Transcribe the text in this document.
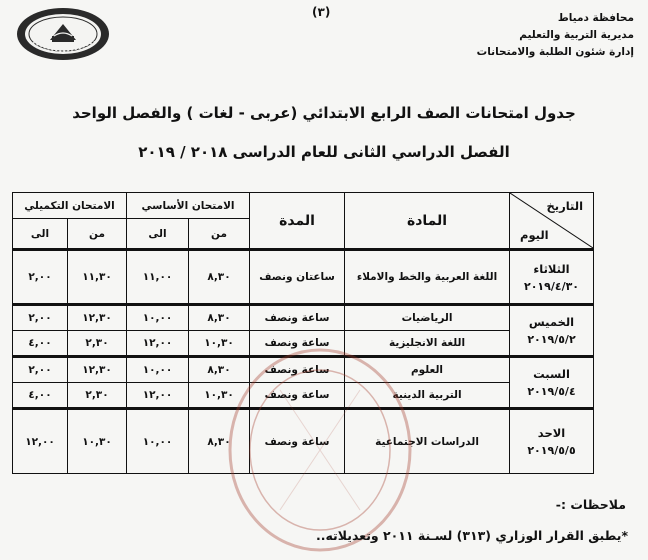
(٣)	محافظة دمياط
مديرية التربية والتعليم
إدارة شئون الطلبة والامتحانات
جدول امتحانات الصف الرابع الابتدائي (عربى - لغات ) والفصل الواحد
الفصل الدراسي الثانى للعام الدراسى ٢٠١٨ / ٢٠١٩
التاريخ
اليوم	المادة	المدة	الامتحان الأساسي		الامتحان التكميلي	
			من	الى	من	الى
الثلاثاء
٢٠١٩/٤/٣٠	اللغة العربية والخط والاملاء	ساعتان ونصف	٨,٣٠	١١,٠٠	١١,٣٠	٢,٠٠
الخميس
٢٠١٩/٥/٢	الرياضيات	ساعة ونصف	٨,٣٠	١٠,٠٠	١٢,٣٠	٢,٠٠
	اللغة الانجليزية	ساعة ونصف	١٠,٣٠	١٢,٠٠	٢,٣٠	٤,٠٠
السبت
٢٠١٩/٥/٤	العلوم	ساعة ونصف	٨,٣٠	١٠,٠٠	١٢,٣٠	٢,٠٠
	التربية الدينية	ساعة ونصف	١٠,٣٠	١٢,٠٠	٢,٣٠	٤,٠٠
الاحد
٢٠١٩/٥/٥	الدراسات الاجتماعية	ساعة ونصف	٨,٣٠	١٠,٠٠	١٠,٣٠	١٢,٠٠
ملاحظات :-
*يطبق القرار الوزاري (٣١٣) لسـنة ٢٠١١ وتعديلاته..
